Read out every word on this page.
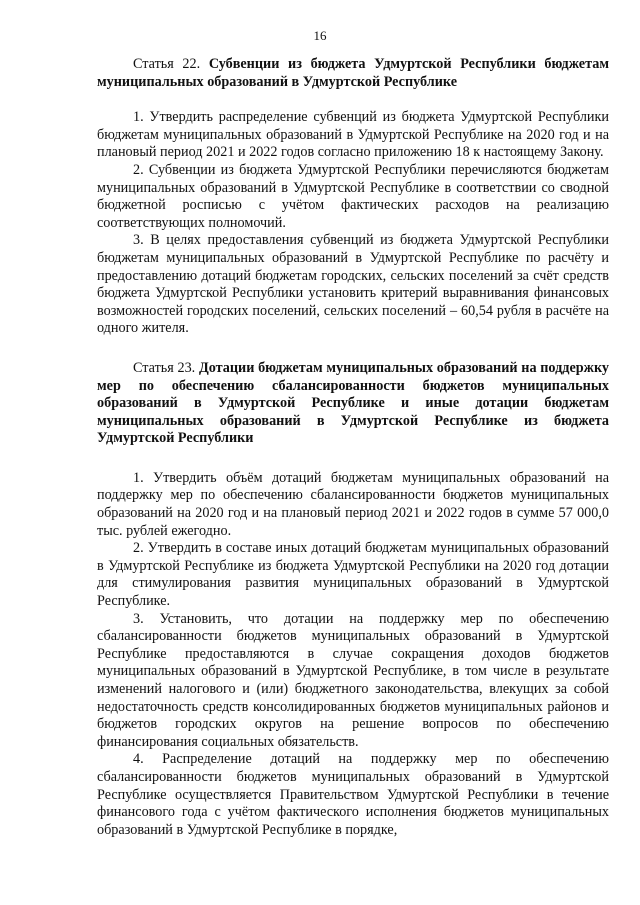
16

Статья 22. Субвенции из бюджета Удмуртской Республики бюджетам муниципальных образований в Удмуртской Республике

1. Утвердить распределение субвенций из бюджета Удмуртской Республики бюджетам муниципальных образований в Удмуртской Республике на 2020 год и на плановый период 2021 и 2022 годов согласно приложению 18 к настоящему Закону.

2. Субвенции из бюджета Удмуртской Республики перечисляются бюджетам муниципальных образований в Удмуртской Республике в соответствии со сводной бюджетной росписью с учётом фактических расходов на реализацию соответствующих полномочий.

3. В целях предоставления субвенций из бюджета Удмуртской Республики бюджетам муниципальных образований в Удмуртской Республике по расчёту и предоставлению дотаций бюджетам городских, сельских поселений за счёт средств бюджета Удмуртской Республики установить критерий выравнивания финансовых возможностей городских поселений, сельских поселений – 60,54 рубля в расчёте на одного жителя.

Статья 23. Дотации бюджетам муниципальных образований на поддержку мер по обеспечению сбалансированности бюджетов муниципальных образований в Удмуртской Республике и иные дотации бюджетам муниципальных образований в Удмуртской Республике из бюджета Удмуртской Республики

1. Утвердить объём дотаций бюджетам муниципальных образований на поддержку мер по обеспечению сбалансированности бюджетов муниципальных образований на 2020 год и на плановый период 2021 и 2022 годов в сумме 57 000,0 тыс. рублей ежегодно.

2. Утвердить в составе иных дотаций бюджетам муниципальных образований в Удмуртской Республике из бюджета Удмуртской Республики на 2020 год дотации для стимулирования развития муниципальных образований в Удмуртской Республике.

3. Установить, что дотации на поддержку мер по обеспечению сбалансированности бюджетов муниципальных образований в Удмуртской Республике предоставляются в случае сокращения доходов бюджетов муниципальных образований в Удмуртской Республике, в том числе в результате изменений налогового и (или) бюджетного законодательства, влекущих за собой недостаточность средств консолидированных бюджетов муниципальных районов и бюджетов городских округов на решение вопросов по обеспечению финансирования социальных обязательств.

4. Распределение дотаций на поддержку мер по обеспечению сбалансированности бюджетов муниципальных образований в Удмуртской Республике осуществляется Правительством Удмуртской Республики в течение финансового года с учётом фактического исполнения бюджетов муниципальных образований в Удмуртской Республике в порядке,
